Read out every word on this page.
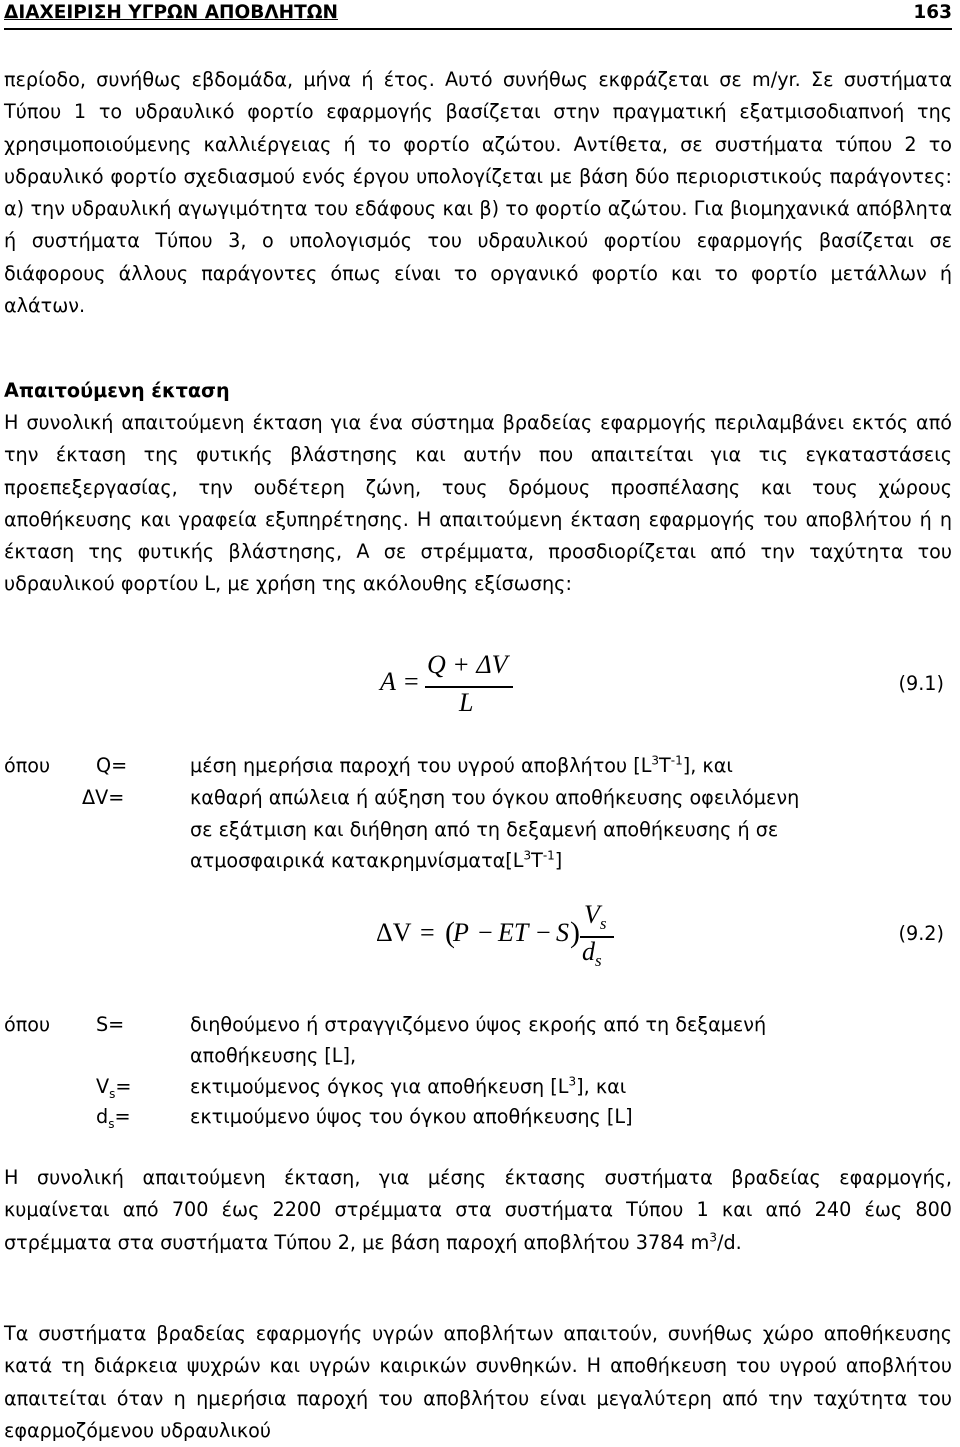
ΔΙΑΧΕΙΡΙΣΗ ΥΓΡΩΝ ΑΠΟΒΛΗΤΩΝ	163

περίοδο, συνήθως εβδομάδα, μήνα ή έτος. Αυτό συνήθως εκφράζεται σε m/yr. Σε συστήματα Τύπου 1 το υδραυλικό φορτίο εφαρμογής βασίζεται στην πραγματική εξατμισοδιαπνοή της χρησιμοποιούμενης καλλιέργειας ή το φορτίο αζώτου. Αντίθετα, σε συστήματα τύπου 2 το υδραυλικό φορτίο σχεδιασμού ενός έργου υπολογίζεται με βάση δύο περιοριστικούς παράγοντες: α) την υδραυλική αγωγιμότητα του εδάφους και β) το φορτίο αζώτου. Για βιομηχανικά απόβλητα ή συστήματα Τύπου 3, ο υπολογισμός του υδραυλικού φορτίου εφαρμογής βασίζεται σε διάφορους άλλους παράγοντες όπως είναι το οργανικό φορτίο και το φορτίο μετάλλων ή αλάτων.

Απαιτούμενη έκταση

Η συνολική απαιτούμενη έκταση για ένα σύστημα βραδείας εφαρμογής περιλαμβάνει εκτός από την έκταση της φυτικής βλάστησης και αυτήν που απαιτείται για τις εγκαταστάσεις προεπεξεργασίας, την ουδέτερη ζώνη, τους δρόμους προσπέλασης και τους χώρους αποθήκευσης και γραφεία εξυπηρέτησης. Η απαιτούμενη έκταση εφαρμογής του αποβλήτου ή η έκταση της φυτικής βλάστησης, Α σε στρέμματα, προσδιορίζεται από την ταχύτητα του υδραυλικού φορτίου L, με χρήση της ακόλουθης εξίσωσης:

A =
Q + ΔV
L
(9.1)
όπου Q=	μέση ημερήσια παροχή του υγρού αποβλήτου $[L^3T^{-1}]$, και
ΔV=	καθαρή απώλεια ή αύξηση του όγκου αποθήκευσης οφειλόμενη
σε εξάτμιση και διήθηση από τη δεξαμενή αποθήκευσης ή σε
ατμοσφαιρικά $\kappa\alpha\tau\alpha\kappa\rho\eta\mu\nu ί\sigma\mu\alpha\tau\alpha[L^3T^{-1}]$
ΔV = (
P − ET − S )
$V_s$
$d_s$
(9.2)
όπου S=	διηθούμενο ή στραγγιζόμενο ύψος εκροής από τη δεξαμενή
αποθήκευσης [L],
$V_s=$	εκτιμούμενος όγκος για αποθήκευση $[L^3]$, και
$d_s=$	εκτιμούμενο ύψος του όγκου αποθήκευσης [L]

Η συνολική απαιτούμενη έκταση, για μέσης έκτασης συστήματα βραδείας εφαρμογής, κυμαίνεται από 700 έως 2200 στρέμματα στα συστήματα Τύπου 1 και από 240 έως 800 στρέμματα στα συστήματα Τύπου 2, με βάση παροχή αποβλήτου 3784 $m^3/d$.

Τα συστήματα βραδείας εφαρμογής υγρών αποβλήτων απαιτούν, συνήθως χώρο αποθήκευσης κατά τη διάρκεια ψυχρών και υγρών καιρικών συνθηκών. Η αποθήκευση του υγρού αποβλήτου απαιτείται όταν η ημερήσια παροχή του αποβλήτου είναι μεγαλύτερη από την ταχύτητα του εφαρμοζόμενου υδραυλικού
